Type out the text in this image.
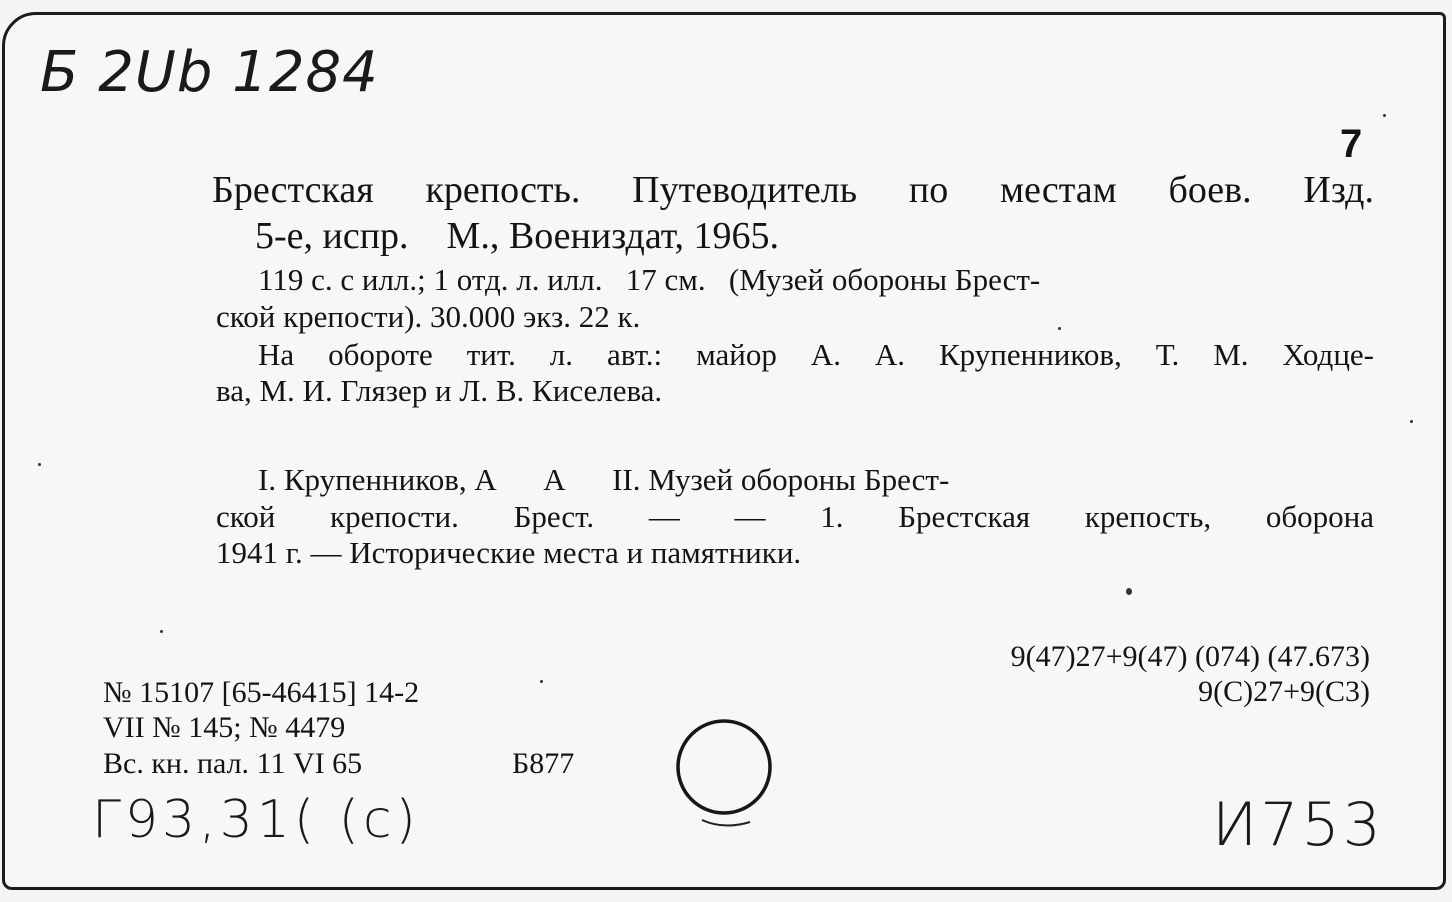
Б 2Ub 1284
7
Брестская крепость. Путеводитель по местам боев. Изд.
5-е, испр.    М., Воениздат, 1965.
119 с. с илл.; 1 отд. л. илл.   17 см.   (Музей обороны Брест-
ской крепости). 30.000 экз. 22 к.
На обороте тит. л. авт.: майор А. А. Крупенников, Т. М. Ходце-
ва, М. И. Глязер и Л. В. Киселева.
I. Крупенников, А      А      II. Музей обороны Брест-
ской крепости. Брест. — — 1. Брестская крепость, оборона
1941 г. — Исторические места и памятники.
9(47)27+9(47) (074) (47.673)
9(С)27+9(С3)
№ 15107 [65-46415] 14-2
VII № 145; № 4479
Вс. кн. пал. 11 VI 65	Б877
Г93,31( (с)	И753
